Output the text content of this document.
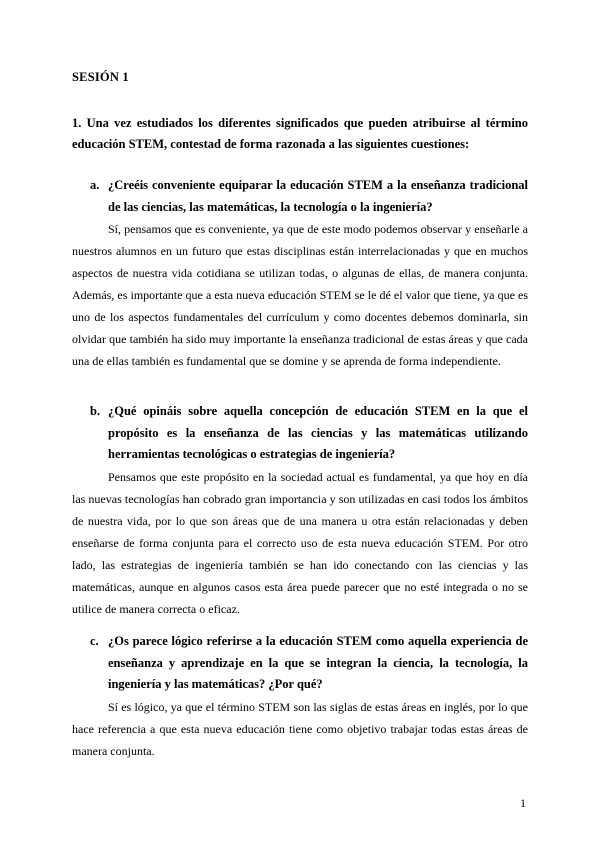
SESIÓN 1
1. Una vez estudiados los diferentes significados que pueden atribuirse al término educación STEM, contestad de forma razonada a las siguientes cuestiones:
a. ¿Creéis conveniente equiparar la educación STEM a la enseñanza tradicional de las ciencias, las matemáticas, la tecnología o la ingeniería?

Sí, pensamos que es conveniente, ya que de este modo podemos observar y enseñarle a nuestros alumnos en un futuro que estas disciplinas están interrelacionadas y que en muchos aspectos de nuestra vida cotidiana se utilizan todas, o algunas de ellas, de manera conjunta. Además, es importante que a esta nueva educación STEM se le dé el valor que tiene, ya que es uno de los aspectos fundamentales del currículum y como docentes debemos dominarla, sin olvidar que también ha sido muy importante la enseñanza tradicional de estas áreas y que cada una de ellas también es fundamental que se domine y se aprenda de forma independiente.

b. ¿Qué opináis sobre aquella concepción de educación STEM en la que el propósito es la enseñanza de las ciencias y las matemáticas utilizando herramientas tecnológicas o estrategias de ingeniería?

Pensamos que este propósito en la sociedad actual es fundamental, ya que hoy en día las nuevas tecnologías han cobrado gran importancia y son utilizadas en casi todos los ámbitos de nuestra vida, por lo que son áreas que de una manera u otra están relacionadas y deben enseñarse de forma conjunta para el correcto uso de esta nueva educación STEM. Por otro lado, las estrategias de ingeniería también se han ido conectando con las ciencias y las matemáticas, aunque en algunos casos esta área puede parecer que no esté integrada o no se utilice de manera correcta o eficaz.

c. ¿Os parece lógico referirse a la educación STEM como aquella experiencia de enseñanza y aprendizaje en la que se integran la ciencia, la tecnología, la ingeniería y las matemáticas? ¿Por qué?

Sí es lógico, ya que el término STEM son las siglas de estas áreas en inglés, por lo que hace referencia a que esta nueva educación tiene como objetivo trabajar todas estas áreas de manera conjunta.

1
